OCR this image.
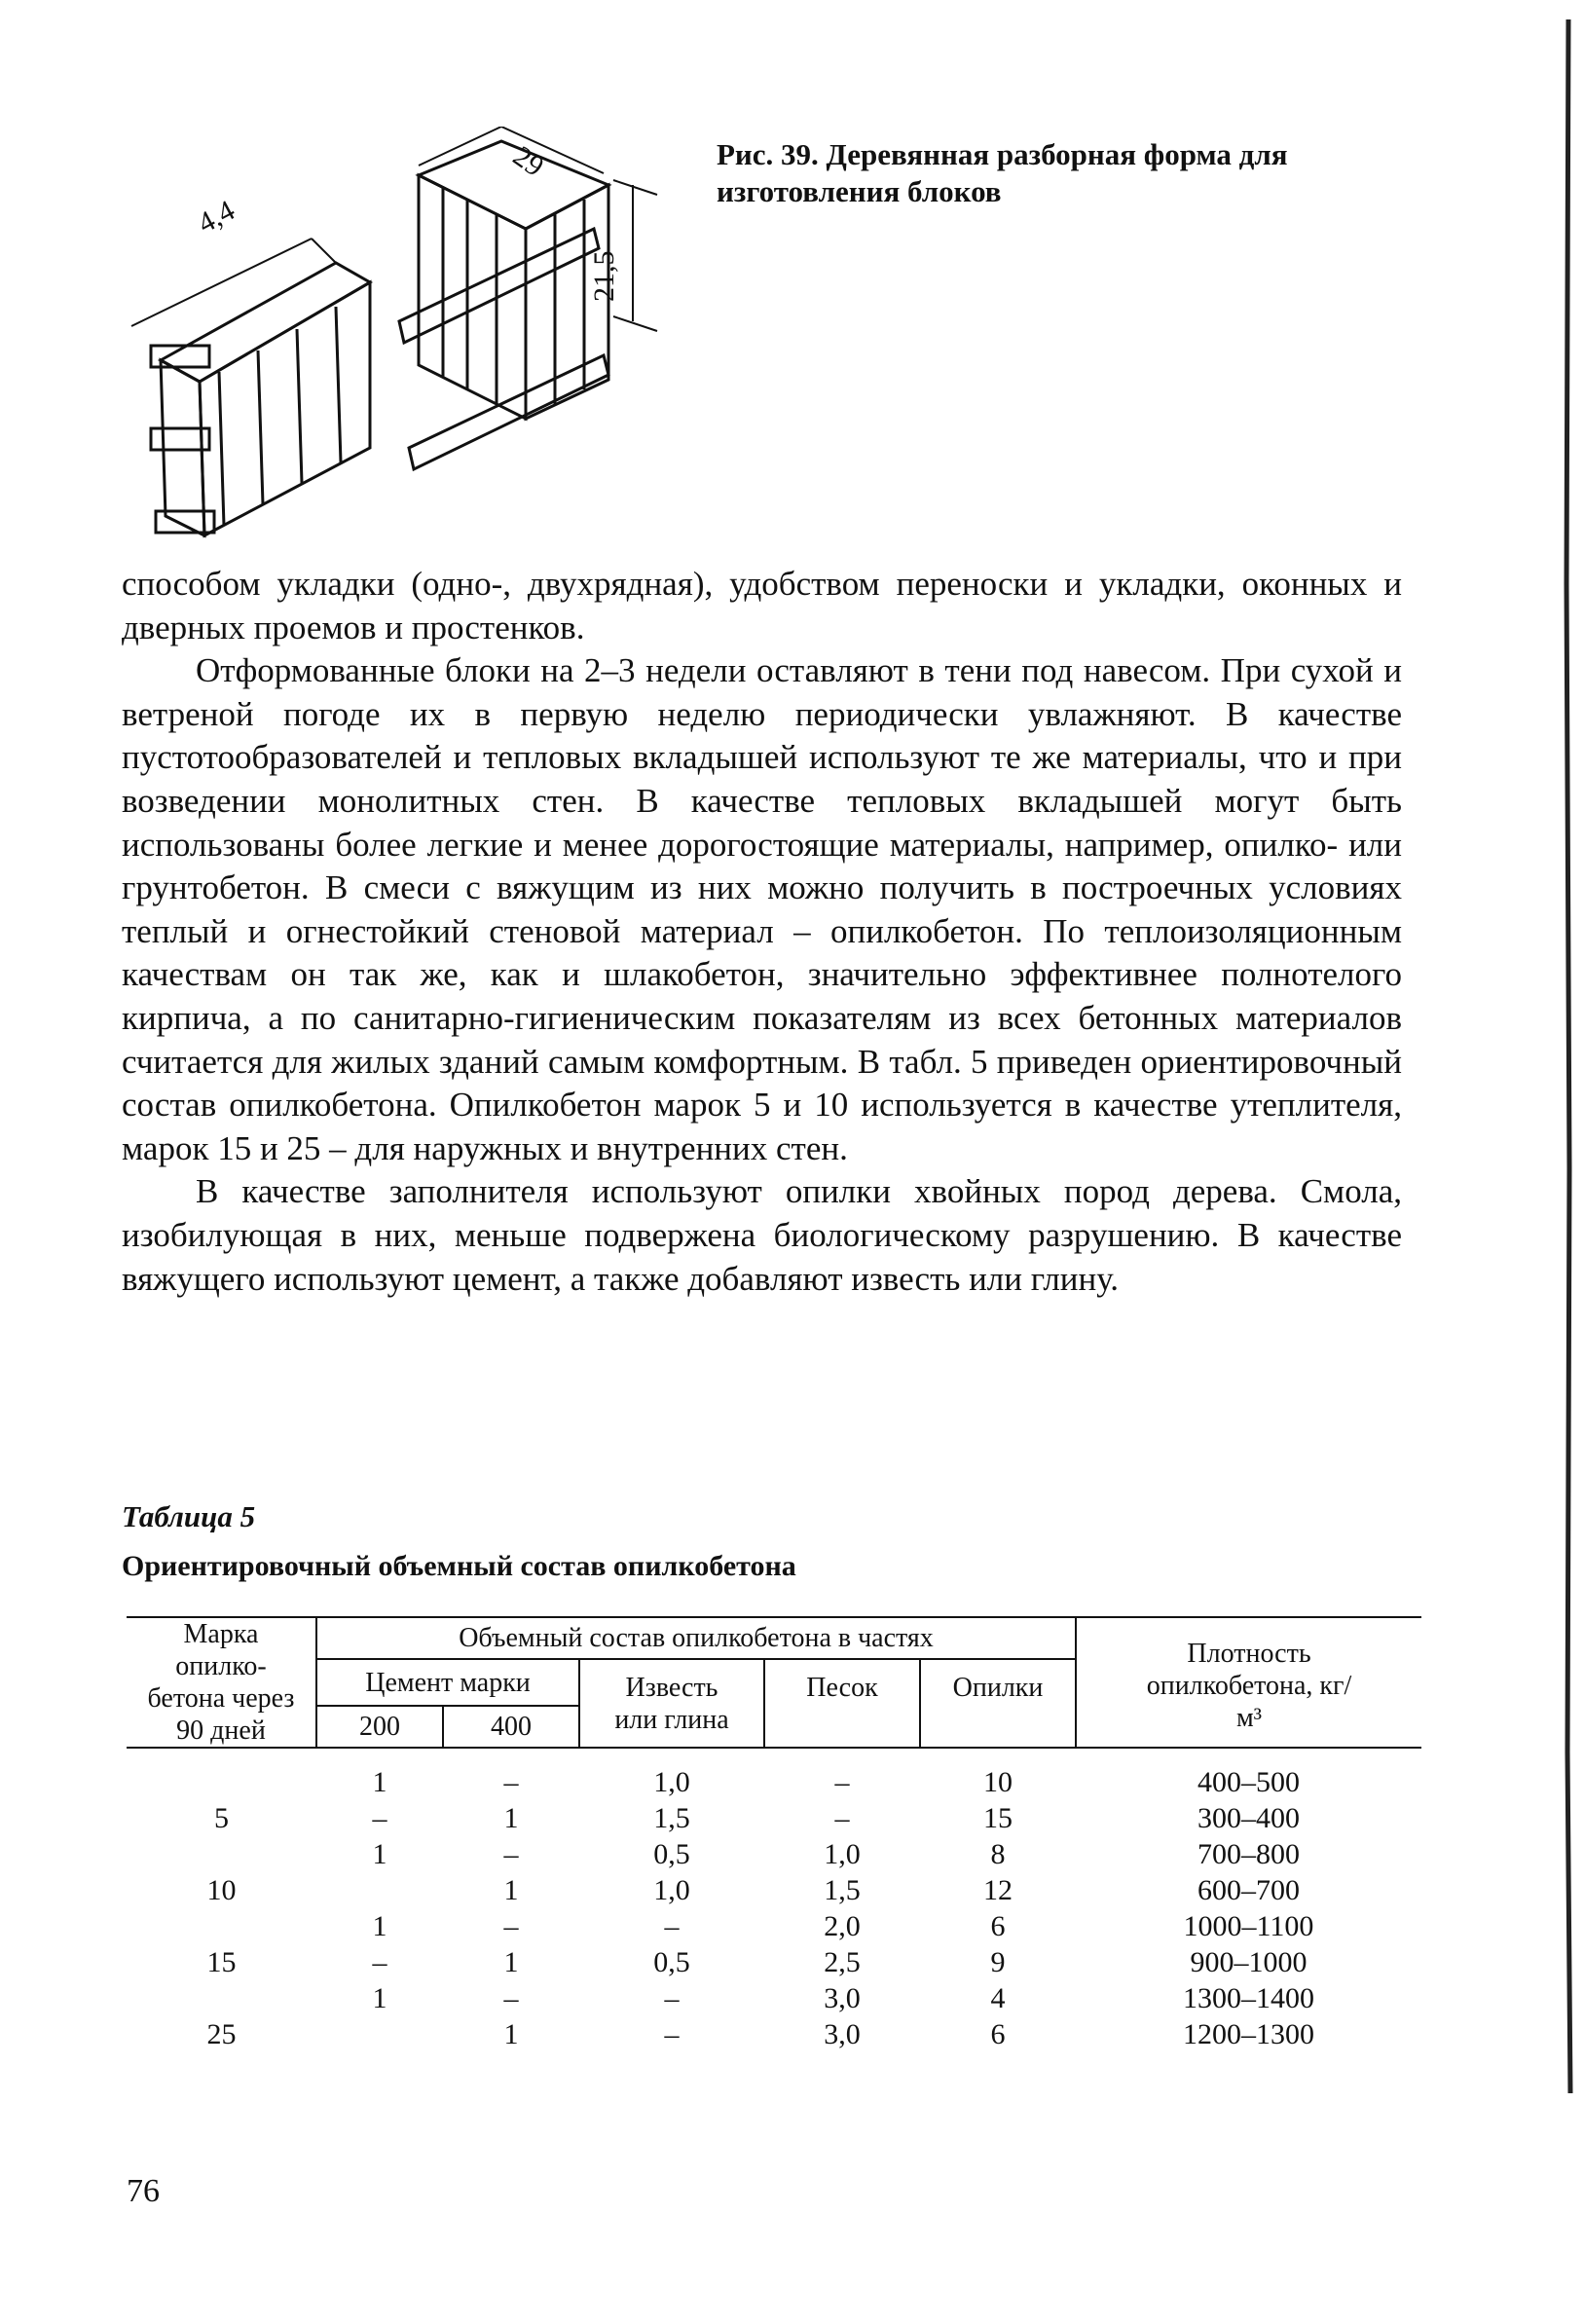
4,4
29
21,5
Рис. 39. Деревянная разборная форма для изготовления блоков

способом укладки (одно-, двухрядная), удобством переноски и укладки, оконных и дверных проемов и простенков.

Отформованные блоки на 2–3 недели оставляют в тени под навесом. При сухой и ветреной погоде их в первую неделю периодически увлажняют. В качестве пустотообразователей и тепловых вкладышей используют те же материалы, что и при возведении монолитных стен. В качестве тепловых вкладышей могут быть использованы более легкие и менее дорогостоящие материалы, например, опилко- или грунтобетон. В смеси с вяжущим из них можно получить в построечных условиях теплый и огнестойкий стеновой материал – опилкобетон. По теплоизоляционным качествам он так же, как и шлакобетон, значительно эффективнее полнотелого кирпича, а по санитарно-гигиеническим показателям из всех бетонных материалов считается для жилых зданий самым комфортным. В табл. 5 приведен ориентировочный состав опилкобетона. Опилкобетон марок 5 и 10 используется в качестве утеплителя, марок 15 и 25 – для наружных и внутренних стен.

В качестве заполнителя используют опилки хвойных пород дерева. Смола, изобилующая в них, меньше подвержена биологическому разрушению. В качестве вяжущего используют цемент, а также добавляют известь или глину.

Таблица 5
Ориентировочный объемный состав опилкобетона
Марка опилко- бетона через 90 дней	Объемный состав опилкобетона в частях					Плотность опилкобетона, кг/м³
	Цемент марки		Известь или глина	Песок	Опилки	
	200	400				
	1	–	1,0	–	10	400–500
5	–	1	1,5	–	15	300–400
	1	–	0,5	1,0	8	700–800
10		1	1,0	1,5	12	600–700
	1	–	–	2,0	6	1000–1100
15	–	1	0,5	2,5	9	900–1000
	1	–	–	3,0	4	1300–1400
25		1	–	3,0	6	1200–1300
76
